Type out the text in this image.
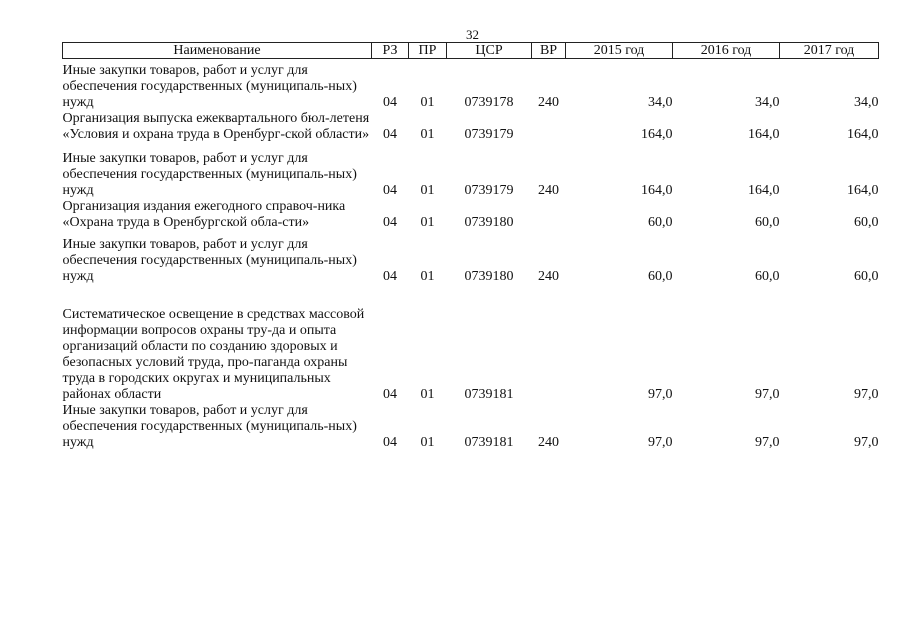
32
Наименование	РЗ	ПР	ЦСР	ВР	2015 год	2016 год	2017 год

Иные закупки товаров, работ и услуг для обеспечения государственных (муниципаль-ных) нужд	04	01	0739178	240	34,0	34,0	34,0
Организация выпуска ежеквартального бюл-летеня «Условия и охрана труда в Оренбург-ской области»	04	01	0739179		164,0	164,0	164,0

Иные закупки товаров, работ и услуг для обеспечения государственных (муниципаль-ных) нужд	04	01	0739179	240	164,0	164,0	164,0
Организация издания ежегодного справоч-ника «Охрана труда в Оренбургской обла-сти»	04	01	0739180		60,0	60,0	60,0

Иные закупки товаров, работ и услуг для обеспечения государственных (муниципаль-ных) нужд	04	01	0739180	240	60,0	60,0	60,0

Систематическое освещение в средствах массовой информации вопросов охраны тру-да и опыта организаций области по созданию здоровых и безопасных условий труда, про-паганда охраны труда в городских округах и муниципальных районах области	04	01	0739181		97,0	97,0	97,0
Иные закупки товаров, работ и услуг для обеспечения государственных (муниципаль-ных) нужд	04	01	0739181	240	97,0	97,0	97,0
